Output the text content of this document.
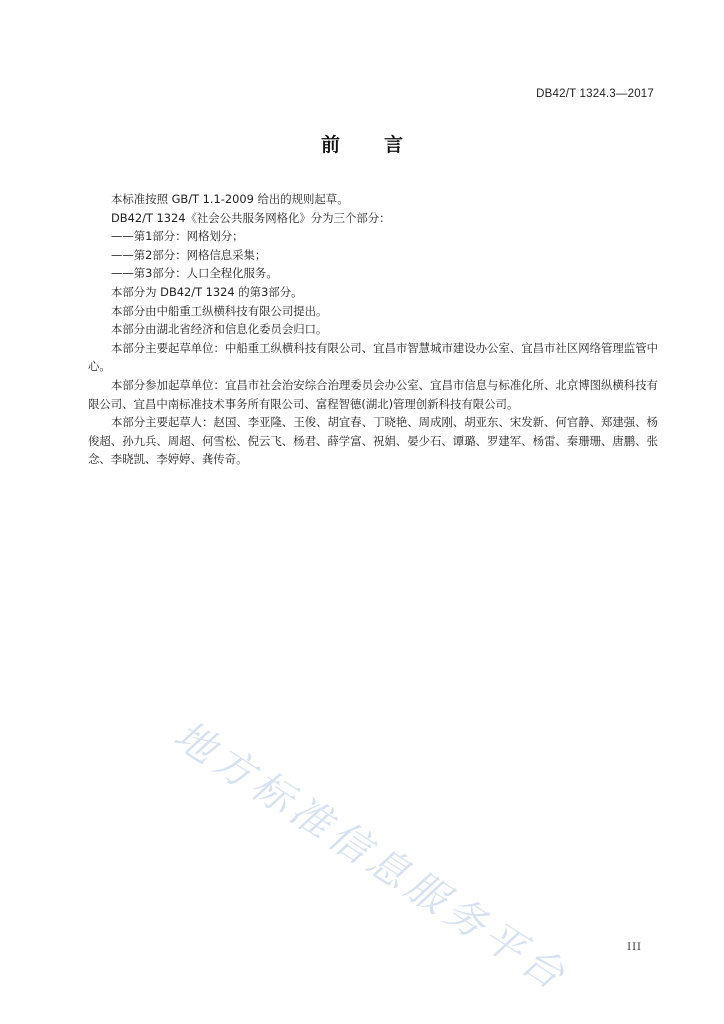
DB42/T 1324.3—2017
前言

本标准按照 GB/T 1.1-2009 给出的规则起草。

DB42/T 1324《社会公共服务网格化》分为三个部分：

——第1部分：网格划分；

——第2部分：网格信息采集；

——第3部分：人口全程化服务。

本部分为 DB42/T 1324 的第3部分。

本部分由中船重工纵横科技有限公司提出。

本部分由湖北省经济和信息化委员会归口。

本部分主要起草单位：中船重工纵横科技有限公司、宜昌市智慧城市建设办公室、宜昌市社区网络管理监管中心。

本部分参加起草单位：宜昌市社会治安综合治理委员会办公室、宜昌市信息与标准化所、北京博图纵横科技有限公司、宜昌中南标准技术事务所有限公司、富程智德(湖北)管理创新科技有限公司。

本部分主要起草人：赵国、李亚隆、王俊、胡宜春、丁晓艳、周成刚、胡亚东、宋发新、何官静、郑建强、杨俊超、孙九兵、周超、何雪松、倪云飞、杨君、薛学富、祝娟、晏少石、谭璐、罗建军、杨雷、秦珊珊、唐鹏、张念、李晓凯、李婷婷、龚传奇。

地方标准信息服务平台	III
